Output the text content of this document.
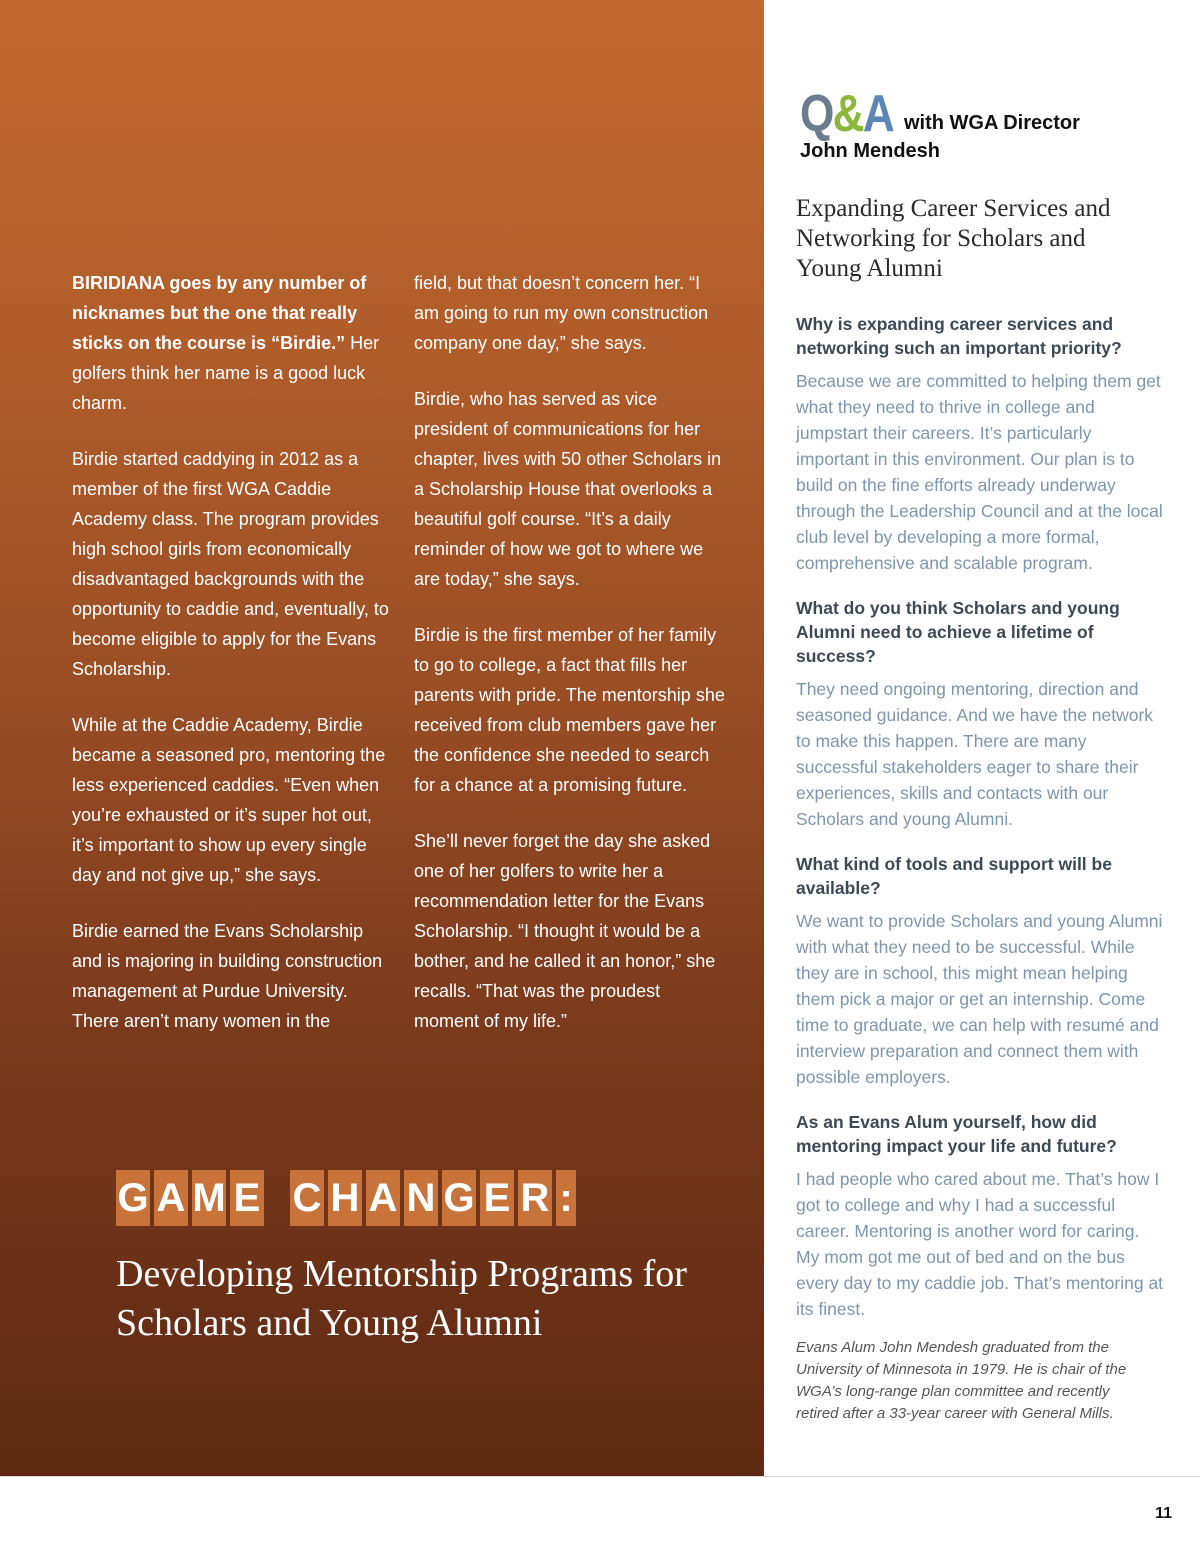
BIRIDIANA goes by any number of nicknames but the one that really sticks on the course is “Birdie.” Her golfers think her name is a good luck charm.

Birdie started caddying in 2012 as a member of the first WGA Caddie Academy class. The program provides high school girls from economically disadvantaged backgrounds with the opportunity to caddie and, eventually, to become eligible to apply for the Evans Scholarship.

While at the Caddie Academy, Birdie became a seasoned pro, mentoring the less experienced caddies. “Even when you’re exhausted or it’s super hot out, it’s important to show up every single day and not give up,” she says.

Birdie earned the Evans Scholarship and is majoring in building construction management at Purdue University. There aren’t many women in the

field, but that doesn’t concern her. “I am going to run my own construction company one day,” she says.

Birdie, who has served as vice president of communications for her chapter, lives with 50 other Scholars in a Scholarship House that overlooks a beautiful golf course. “It’s a daily reminder of how we got to where we are today,” she says.

Birdie is the first member of her family to go to college, a fact that fills her parents with pride. The mentorship she received from club members gave her the confidence she needed to search for a chance at a promising future.

She’ll never forget the day she asked one of her golfers to write her a recommendation letter for the Evans Scholarship. “I thought it would be a bother, and he called it an honor,” she recalls. “That was the proudest moment of my life.”

G A M E C H A N G E R :
Developing Mentorship Programs for Scholars and Young Alumni
Q&A with WGA Director
John Mendesh
Expanding Career Services and Networking for Scholars and Young Alumni
Why is expanding career services and networking such an important priority?
Because we are committed to helping them get what they need to thrive in college and jumpstart their careers. It’s particularly important in this environment. Our plan is to build on the fine efforts already underway through the Leadership Council and at the local club level by developing a more formal, comprehensive and scalable program.
What do you think Scholars and young Alumni need to achieve a lifetime of success?
They need ongoing mentoring, direction and seasoned guidance. And we have the network to make this happen. There are many successful stakeholders eager to share their experiences, skills and contacts with our Scholars and young Alumni.
What kind of tools and support will be available?
We want to provide Scholars and young Alumni with what they need to be successful. While they are in school, this might mean helping them pick a major or get an internship. Come time to graduate, we can help with resumé and interview preparation and connect them with possible employers.
As an Evans Alum yourself, how did mentoring impact your life and future?
I had people who cared about me. That’s how I got to college and why I had a successful career. Mentoring is another word for caring. My mom got me out of bed and on the bus every day to my caddie job. That’s mentoring at its finest.
Evans Alum John Mendesh graduated from the University of Minnesota in 1979. He is chair of the WGA’s long-range plan committee and recently retired after a 33-year career with General Mills.
11
